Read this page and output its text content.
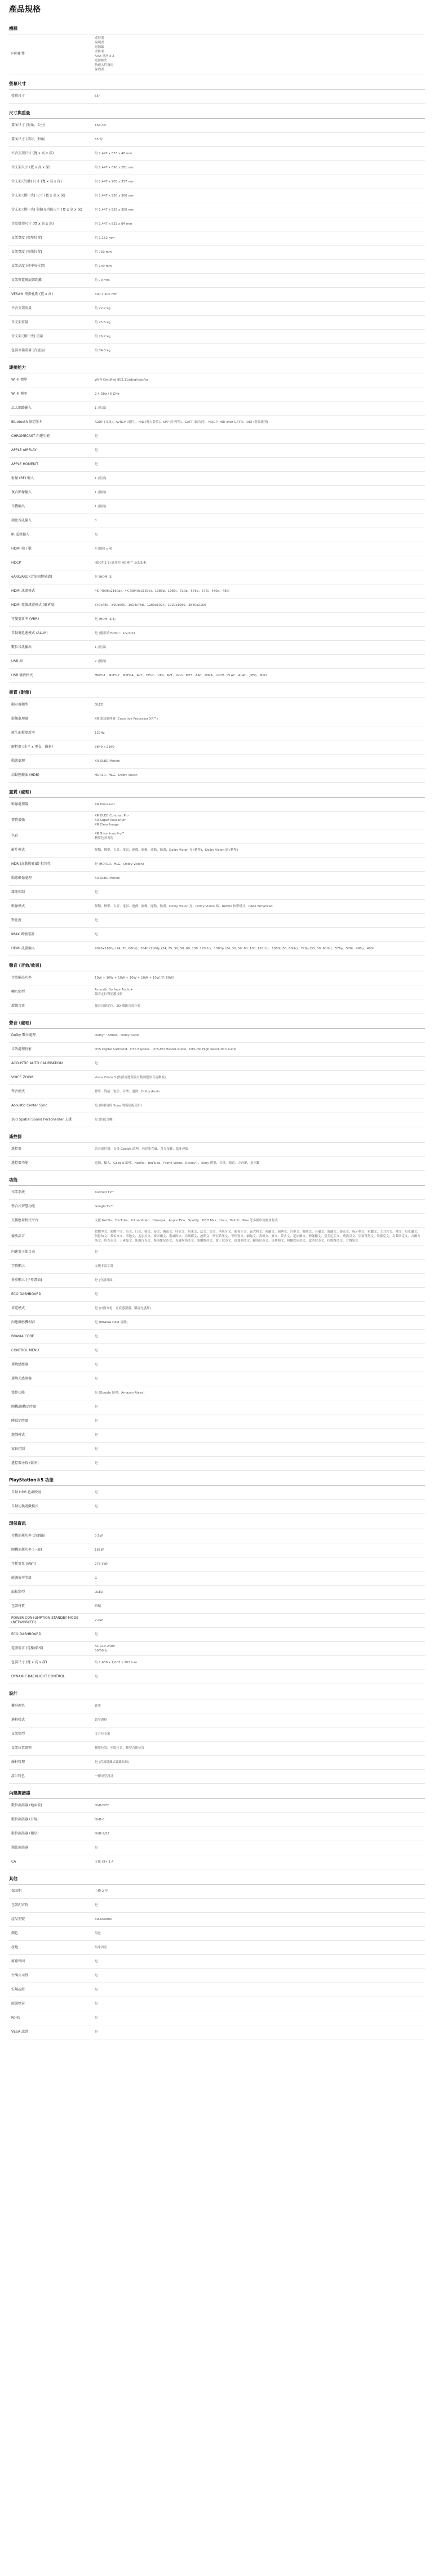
產品規格
機種
內附配件
遙控器
說明書
電源線
壁掛架
AAA 電池 x 2
電源線夾
快速入門指南
保固書
螢幕尺寸
螢幕尺寸	65"
尺寸與重量
畫面尺寸 (對角，公分)	164 cm
畫面尺寸 (英吋，對角)	65 吋
不含支架尺寸 (寬 x 高 x 深)	約 1,447 x 833 x 48 mm
含支架尺寸 (寬 x 高 x 深)	約 1,447 x 898 x 281 mm
含支架 (另購) 尺寸 (寬 x 高 x 深)	約 1,447 x 905 x 357 mm
含支架 (僅中央) 尺寸 (寬 x 高 x 深)	約 1,447 x 930 x 300 mm
含支架 (僅中央) 與擴充功能尺寸 (寬 x 高 x 深)	約 1,447 x 955 x 300 mm
含壁掛架尺寸 (寬 x 高 x 深)	約 1,447 x 833 x 84 mm
支架寬度 (標準位置)	約 1,152 mm
支架寬度 (窄版位置)	約 730 mm
支架高度 (僅中央位置)	約 140 mm
支架與電視底部距離	約 70 mm
VESA® 壁掛孔距 (寬 x 高)	300 x 300 mm
不含支架重量	約 22.7 kg
含支架重量	約 25.8 kg
含支架 (僅中央) 重量	約 26.2 kg
包裝外箱重量 (含產品)	約 34.0 kg
連接能力
Wi-Fi 標準	Wi-Fi Certified 802.11a/b/g/n/ac/ax
Wi-Fi 頻率	2.4 GHz / 5 GHz
乙太網路輸入	1 (底部)
Bluetooth 協定版本	A2DP (音訊)、AVRCP (遙控)、HID (輸入裝置)、SPP (序列埠)、GATT (低功耗)、HOGP (HID over GATT)、DID (裝置識別)
CHROMECAST 內建功能	是
APPLE AIRPLAY	是
APPLE HOMEKIT	是
射頻 (RF) 輸入	1 (底部)
複合影像輸入	1 (側面)
耳機輸出	1 (側面)
類比音訊輸入	0
IR 遙控輸入	是
HDMI 端子數	4 (側面 x 4)
HDCP	HDCP 2.3 (適用於 HDMI™ 1/2/3/4)
eARC/ARC (音訊回傳通道)	是 (HDMI 3)
HDMI 訊號格式	4K (4096x2160p)、4K (3840x2160p)、1080p、1080i、720p、576p、576i、480p、480i
HDMI 電腦訊號格式 (解析度)	640x480、800x600、1024x768、1280x1024、1920x1080、3840x2160
可變更新率 (VRR)	是 (HDMI 3/4)
自動低延遲模式 (ALLM)	是 (適用於 HDMI™ 1/2/3/4)
數位音訊輸出	1 (底部)
USB 埠	2 (側面)
USB 播放格式	MPEG1、MPEG2、MPEG4、AVC、HEVC、VP9、AV1、Xvid、MP3、AAC、WMA、LPCM、FLAC、ALAC、JPEG、MPO
畫質 (影像)
顯示器類型	OLED
影像處理器	XR 認知處理器 (Cognitive Processor XR™)
原生面板更新率	120Hz
解析度 (水平 x 垂直，像素)	3840 x 2160
動態處理	XR OLED Motion
高動態範圍 (HDR)	HDR10、HLG、Dolby Vision
畫質 (處理)
影像處理器	XR Processor
畫質增強
XR OLED Contrast Pro
XR Super Resolution
XR Clear Image
色彩	XR Triluminos Pro™
精準色彩再現
影片模式	鮮豔、標準、自訂、電影、遊戲、圖像、運動、動畫、Dolby Vision 亮 (精準)、Dolby Vision 暗 (精準)
HDR (高動態範圍) 相容性	是 (HDR10、HLG、Dolby Vision)
動態影像處理	XR OLED Motion
雜訊抑制	是
影像模式	鮮豔、標準、自訂、電影、遊戲、圖像、運動、動畫、Dolby Vision 亮、Dolby Vision 暗、Netflix 校準模式、IMAX Enhanced
對比度	是
IMAX 增強認證	是
HDMI 訊號輸入	4096x2160p (24, 50, 60Hz)、3840x2160p (24, 25, 30, 50, 60, 100, 120Hz)、1080p (24, 30, 50, 60, 100, 120Hz)、1080i (50, 60Hz)、720p (30, 50, 60Hz)、576p、576i、480p、480i
聲音 (音效/效果)
音效輸出功率	10W + 10W + 10W + 10W + 10W + 10W (共 60W)
喇叭類型	Acoustic Surface Audio+
聲音定位與追蹤技術
環繞音效	聲音自動定位、3D 環繞音效升頻
聲音 (處理)
Dolby 數位處理	Dolby™ Atmos、Dolby Audio
音效處理技術	DTS Digital Surround、DTS Express、DTS-HD Master Audio、DTS-HD High Resolution Audio
ACOUSTIC AUTO CALIBRATION	是
VOICE ZOOM	Voice Zoom 3 (依照周遭環境自動調整語音清晰度)
聲音模式	標準、對話、電影、音樂、運動、Dolby Audio
Acoustic Center Sync	是 (與相容的 Sony 聲霸搭配使用)
360 Spatial Sound Personalizer 支援	是 (搭配耳機)
遙控器
遙控器	語音遙控器：支援 Google 助理、內建麥克風、背光按鍵、藍牙連線
遙控器功能	電源、輸入、Google 助理、Netflix、YouTube、Prime Video、Disney+、Sony 選單、音量、頻道、方向鍵、返回鍵
功能
作業系統	Android TV™
整合式智慧功能	Google TV™
支援應用程式平台	支援 Netflix、YouTube、Prime Video、Disney+、Apple TV+、Spotify、HBO Max、Hulu、Twitch、Plex 等多種串流應用程式
播放語言
繁體中文、簡體中文、英文、日文、韓文、泰文、越南文、印尼文、馬來文、法文、德文、西班牙文、葡萄牙文、義大利文、荷蘭文、瑞典文、丹麥文、挪威文、芬蘭文、波蘭文、捷克文、匈牙利文、希臘文、土耳其文、俄文、烏克蘭文、阿拉伯文、希伯來文、印地文、孟加拉文、泰米爾文、泰盧固文、烏爾都文、波斯文、斯瓦希里文、菲律賓文、緬甸文、高棉文、寮文、蒙古文、尼泊爾文、僧伽羅文、亞美尼亞文、喬治亞文、亞塞拜然文、哈薩克文、烏茲別克文、吉爾吉斯文、塔吉克文、土庫曼文、斯洛伐克文、斯洛維尼亞文、克羅埃西亞文、塞爾維亞文、波士尼亞文、保加利亞文、羅馬尼亞文、馬其頓文、阿爾巴尼亞文、愛沙尼亞文、拉脫維亞文、立陶宛文
內建電子節目表	是
字幕顯示	支援多語字幕
多重顯示 (子母畫面)	是 (分割畫面)
ECO DASHBOARD	是
省電模式	是 (自動省電、亮度感測器、環境光感測)
內建攝影機相容	是 (BRAVIA CAM 另購)
BRAVIA CORE	是
CONTROL MENU	是
環境感應器	是
環境光感測器	是
聲控功能	是 (Google 助理、Amazon Alexa)
開機/關機定時器	是
睡眠定時器	是
遊戲模式	是
家長控制	是
遙控器尋找 (藍牙)	是
PlayStation®5 功能
自動 HDR 色調映射	是
自動切換遊戲模式	是
環保資訊
待機消耗功率 (含網路)	0.5W
開機消耗功率 (一般)	165W
年耗電量 (kWh)	273 kWh
能源效率等級	G
面板類型	OLED
包裝材質	紙類
POWER CONSUMPTION STANDBY MODE (NETWORKED)	2.0W
ECO DASHBOARD	是
電源需求 (電壓/頻率)	AC 110-240V
50/60Hz
包裝尺寸 (寬 x 高 x 深)	約 1,638 x 1,003 x 202 mm
DYNAMIC BACKLIGHT CONTROL	是
設計
機身顏色	鈦黑
邊框樣式	超窄邊框
支架類型	多方位支架
支架位置調整	標準位置、窄版位置、條型音箱位置
線材管理	是 (背蓋隱藏式線路收納)
設計特色	一體成型設計
內建調諧器
數位調諧器 (地面波)	DVB-T/T2
數位調諧器 (有線)	DVB-C
數位調諧器 (衛星)	DVB-S/S2
類比調諧器	是
CA	支援 CI+ 1.4
其他
保固期	主機 2 年
包裝內容物	是
產品型號	XR-65A80K
顏色	黑色
產地	馬來西亞
原廠保固	是
台灣公司貨	是
安規認證	是
能源標章	是
RoHS	是
VESA 認證	是
